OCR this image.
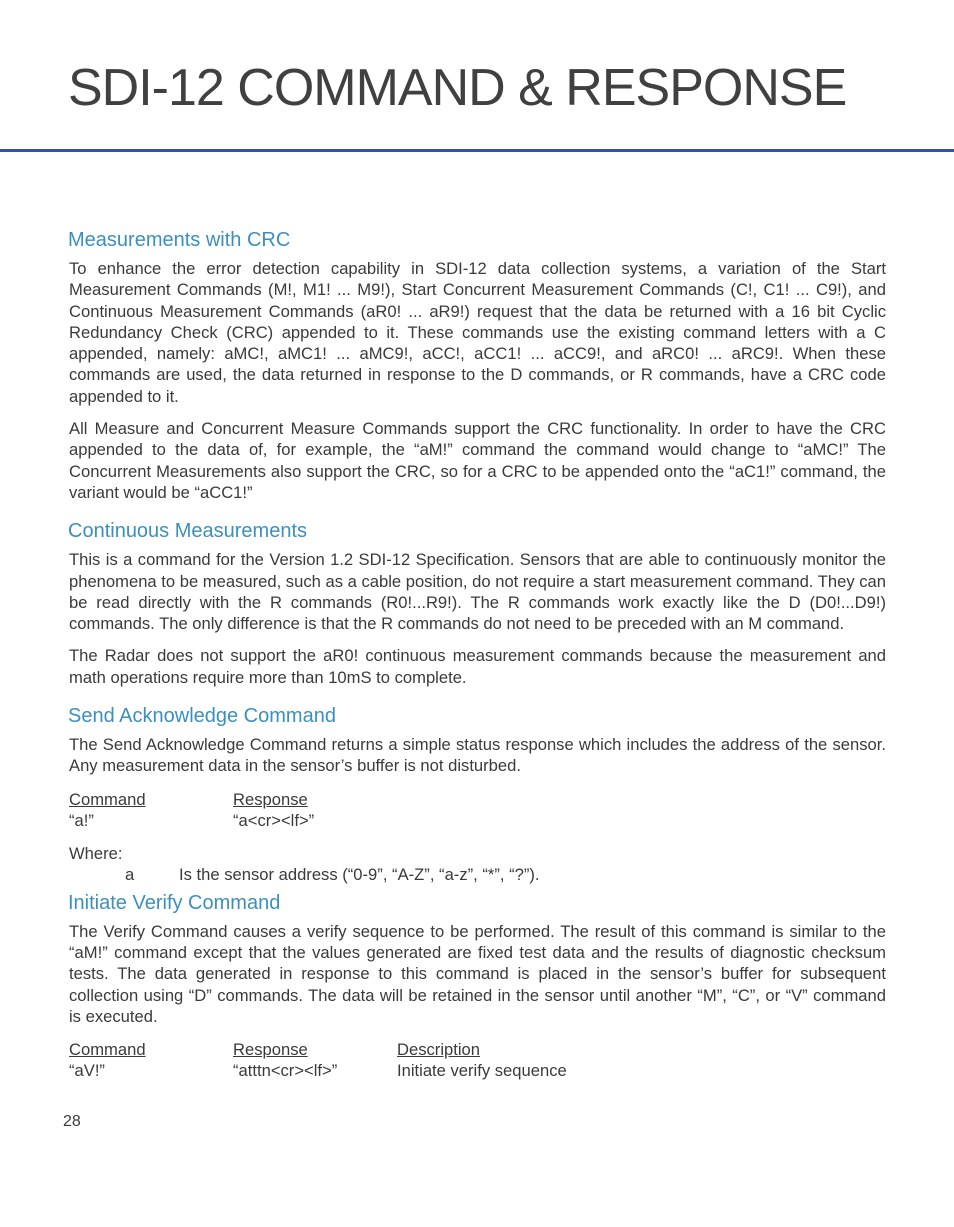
SDI-12 COMMAND & RESPONSE
Measurements with CRC

To enhance the error detection capability in SDI-12 data collection systems, a variation of the Start Measurement Commands (M!, M1! ... M9!), Start Concurrent Measurement Commands (C!, C1! ... C9!), and Continuous Measurement Commands (aR0! ... aR9!) request that the data be returned with a 16 bit Cyclic Redundancy Check (CRC) appended to it. These commands use the existing command letters with a C appended, namely: aMC!, aMC1! ... aMC9!, aCC!, aCC1! ... aCC9!, and aRC0! ... aRC9!. When these commands are used, the data returned in response to the D commands, or R commands, have a CRC code appended to it.

All Measure and Concurrent Measure Commands support the CRC functionality. In order to have the CRC appended to the data of, for example, the “aM!” command the command would change to “aMC!” The Concurrent Measurements also support the CRC, so for a CRC to be appended onto the “aC1!” command, the variant would be “aCC1!”

Continuous Measurements

This is a command for the Version 1.2 SDI-12 Specification. Sensors that are able to continuously monitor the phenomena to be measured, such as a cable position, do not require a start measurement command. They can be read directly with the R commands (R0!...R9!). The R commands work exactly like the D (D0!...D9!) commands. The only difference is that the R commands do not need to be preceded with an M command.

The Radar does not support the aR0! continuous measurement commands because the measurement and math operations require more than 10mS to complete.

Send Acknowledge Command

The Send Acknowledge Command returns a simple status response which includes the address of the sensor. Any measurement data in the sensor’s buffer is not disturbed.

Command	Response
“a!”	“a<cr><lf>”
Where:
a	Is the sensor address (“0-9”, “A-Z”, “a-z”, “*”, “?”).
Initiate Verify Command

The Verify Command causes a verify sequence to be performed. The result of this command is similar to the “aM!” command except that the values generated are fixed test data and the results of diagnostic checksum tests. The data generated in response to this command is placed in the sensor’s buffer for subsequent collection using “D” commands. The data will be retained in the sensor until another “M”, “C”, or “V” command is executed.

Command	Response	Description
“aV!”	“atttn<cr><lf>”	Initiate verify sequence
28
